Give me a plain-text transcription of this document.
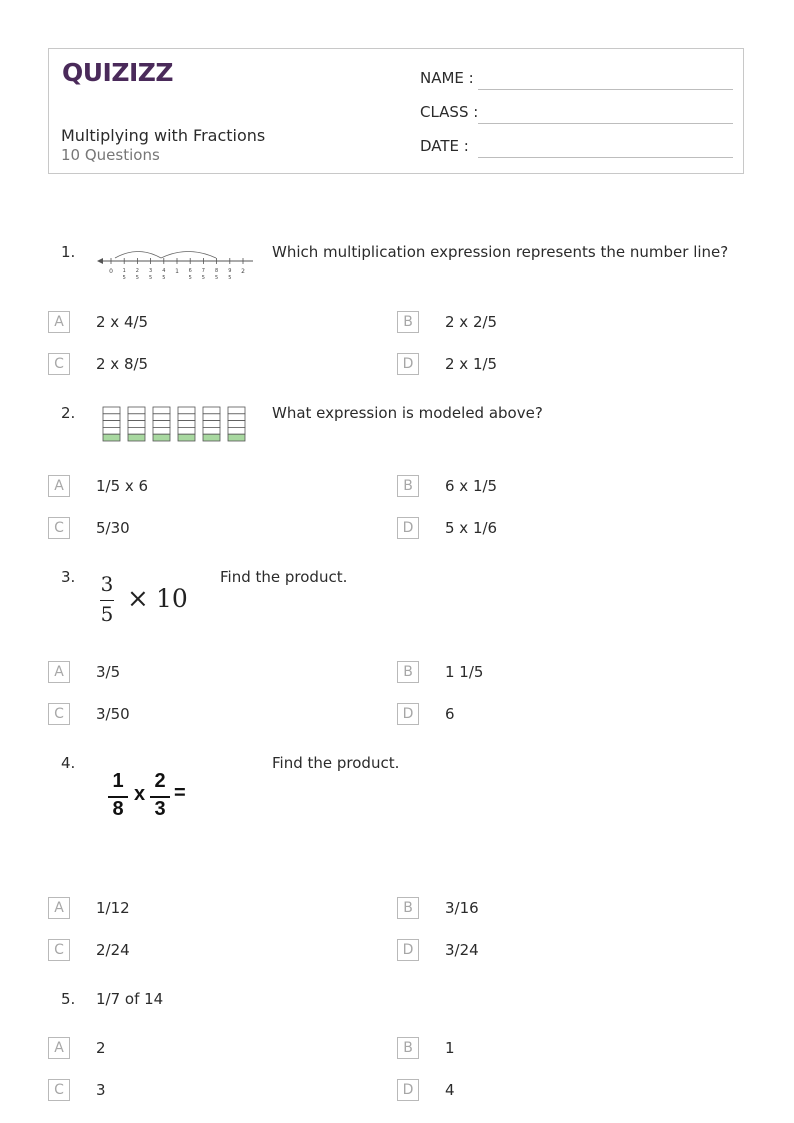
QUIZIZZ
Multiplying with Fractions
10 Questions
NAME :
CLASS :
DATE :
1.
0 1
5
2
5
3
5
4
5
1 6
5
7
5
8
5
9
5
2
Which multiplication expression represents the number line?
A	2 x 4/5	B	2 x 2/5
C	2 x 8/5	D	2 x 1/5
2.	What expression is modeled above?
A	1/5 x 6	B	6 x 1/5
C	5/30	D	5 x 1/6
3. 3
5 × 10
Find the product.
A	3/5	B	1 1/5
C	3/50	D	6
4.
1
8
x
2
3
=
Find the product.
A	1/12	B	3/16
C	2/24	D	3/24
5. 1/7 of 14
A	2	B	1
C	3	D	4
